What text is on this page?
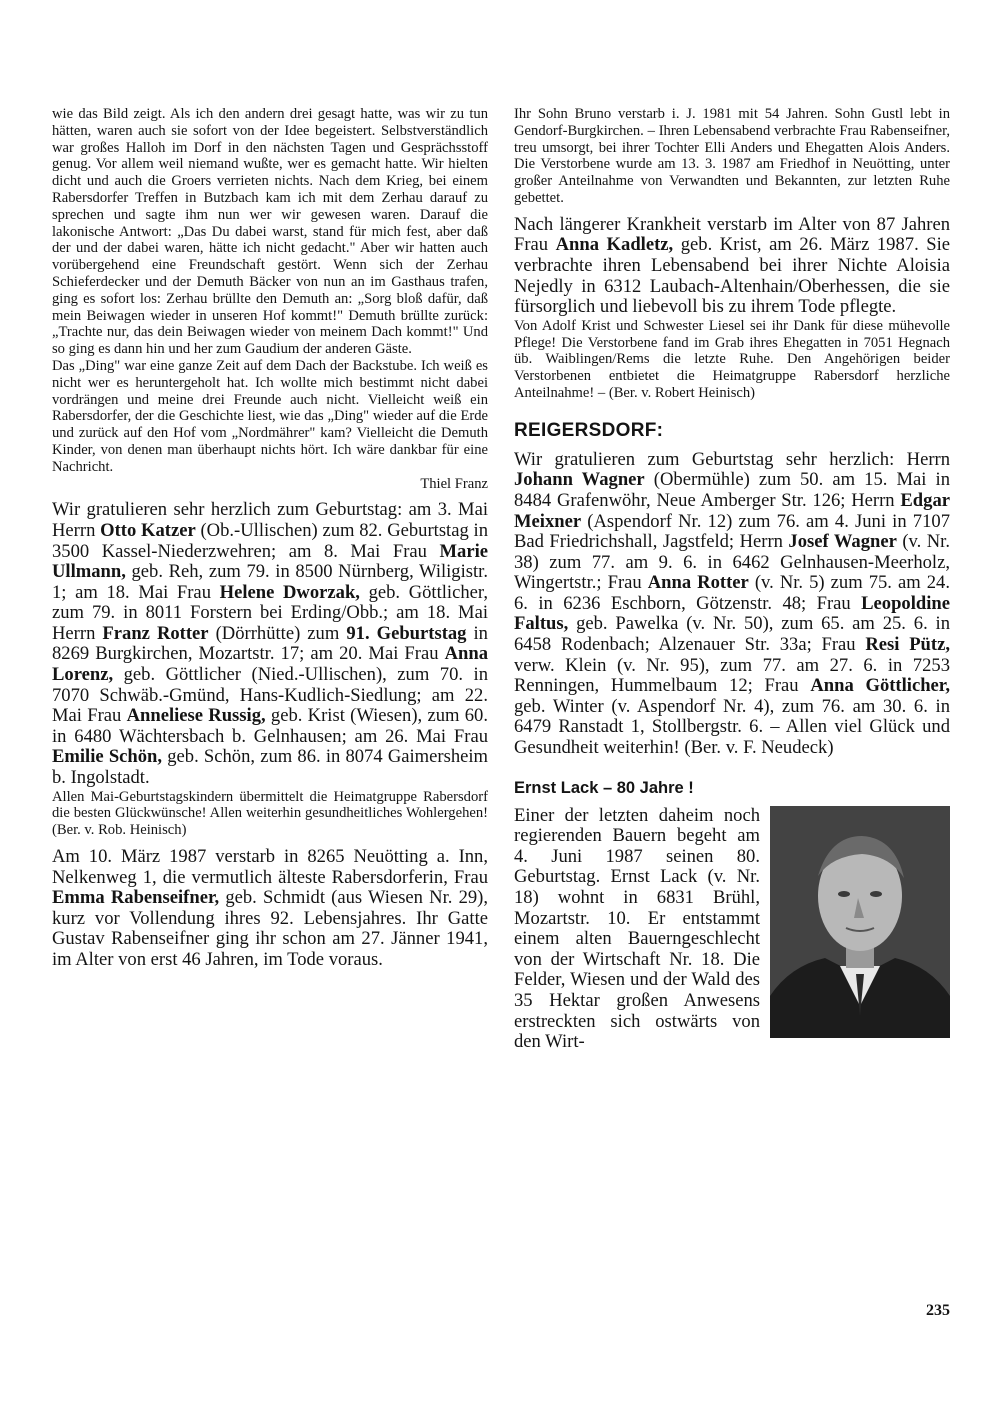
wie das Bild zeigt. Als ich den andern drei gesagt hatte, was wir zu tun hätten, waren auch sie sofort von der Idee begeistert. Selbstverständlich war großes Halloh im Dorf in den nächsten Tagen und Gesprächsstoff genug. Vor allem weil niemand wußte, wer es gemacht hatte. Wir hielten dicht und auch die Groers verrieten nichts. Nach dem Krieg, bei einem Rabersdorfer Treffen in Butzbach kam ich mit dem Zerhau darauf zu sprechen und sagte ihm nun wer wir gewesen waren. Darauf die lakonische Antwort: „Das Du dabei warst, stand für mich fest, aber daß der und der dabei waren, hätte ich nicht gedacht." Aber wir hatten auch vorübergehend eine Freundschaft gestört. Wenn sich der Zerhau Schieferdecker und der Demuth Bäcker von nun an im Gasthaus trafen, ging es sofort los: Zerhau brüllte den Demuth an: „Sorg bloß dafür, daß mein Beiwagen wieder in unseren Hof kommt!" Demuth brüllte zurück: „Trachte nur, das dein Beiwagen wieder von meinem Dach kommt!" Und so ging es dann hin und her zum Gaudium der anderen Gäste.

Das „Ding" war eine ganze Zeit auf dem Dach der Backstube. Ich weiß es nicht wer es heruntergeholt hat. Ich wollte mich bestimmt nicht dabei vordrängen und meine drei Freunde auch nicht. Vielleicht weiß ein Rabersdorfer, der die Geschichte liest, wie das „Ding" wieder auf die Erde und zurück auf den Hof vom „Nordmährer" kam? Vielleicht die Demuth Kinder, von denen man überhaupt nichts hört. Ich wäre dankbar für eine Nachricht.

Thiel Franz

Wir gratulieren sehr herzlich zum Geburtstag: am 3. Mai Herrn Otto Katzer (Ob.-Ullischen) zum 82. Geburtstag in 3500 Kassel-Niederzwehren; am 8. Mai Frau Marie Ullmann, geb. Reh, zum 79. in 8500 Nürnberg, Wiligistr. 1; am 18. Mai Frau Helene Dworzak, geb. Göttlicher, zum 79. in 8011 Forstern bei Erding/Obb.; am 18. Mai Herrn Franz Rotter (Dörrhütte) zum 91. Geburtstag in 8269 Burgkirchen, Mozartstr. 17; am 20. Mai Frau Anna Lorenz, geb. Göttlicher (Nied.-Ullischen), zum 70. in 7070 Schwäb.-Gmünd, Hans-Kudlich-Siedlung; am 22. Mai Frau Anneliese Russig, geb. Krist (Wiesen), zum 60. in 6480 Wächtersbach b. Gelnhausen; am 26. Mai Frau Emilie Schön, geb. Schön, zum 86. in 8074 Gaimersheim b. Ingolstadt.

Allen Mai-Geburtstagskindern übermittelt die Heimatgruppe Rabersdorf die besten Glückwünsche! Allen weiterhin gesundheitliches Wohlergehen! (Ber. v. Rob. Heinisch)

Am 10. März 1987 verstarb in 8265 Neuötting a. Inn, Nelkenweg 1, die vermutlich älteste Rabersdorferin, Frau Emma Rabenseifner, geb. Schmidt (aus Wiesen Nr. 29), kurz vor Vollendung ihres 92. Lebensjahres. Ihr Gatte Gustav Rabenseifner ging ihr schon am 27. Jänner 1941, im Alter von erst 46 Jahren, im Tode voraus.

Ihr Sohn Bruno verstarb i. J. 1981 mit 54 Jahren. Sohn Gustl lebt in Gendorf-Burgkirchen. – Ihren Lebensabend verbrachte Frau Rabenseifner, treu umsorgt, bei ihrer Tochter Elli Anders und Ehegatten Alois Anders. Die Verstorbene wurde am 13. 3. 1987 am Friedhof in Neuötting, unter großer Anteilnahme von Verwandten und Bekannten, zur letzten Ruhe gebettet.

Nach längerer Krankheit verstarb im Alter von 87 Jahren Frau Anna Kadletz, geb. Krist, am 26. März 1987. Sie verbrachte ihren Lebensabend bei ihrer Nichte Aloisia Nejedly in 6312 Laubach-Altenhain/Oberhessen, die sie fürsorglich und liebevoll bis zu ihrem Tode pflegte.

Von Adolf Krist und Schwester Liesel sei ihr Dank für diese mühevolle Pflege! Die Verstorbene fand im Grab ihres Ehegatten in 7051 Hegnach üb. Waiblingen/Rems die letzte Ruhe. Den Angehörigen beider Verstorbenen entbietet die Heimatgruppe Rabersdorf herzliche Anteilnahme! – (Ber. v. Robert Heinisch)

REIGERSDORF:

Wir gratulieren zum Geburtstag sehr herzlich: Herrn Johann Wagner (Obermühle) zum 50. am 15. Mai in 8484 Grafenwöhr, Neue Amberger Str. 126; Herrn Edgar Meixner (Aspendorf Nr. 12) zum 76. am 4. Juni in 7107 Bad Friedrichshall, Jagstfeld; Herrn Josef Wagner (v. Nr. 38) zum 77. am 9. 6. in 6462 Gelnhausen-Meerholz, Wingertstr.; Frau Anna Rotter (v. Nr. 5) zum 75. am 24. 6. in 6236 Eschborn, Götzenstr. 48; Frau Leopoldine Faltus, geb. Pawelka (v. Nr. 50), zum 65. am 25. 6. in 6458 Rodenbach; Alzenauer Str. 33a; Frau Resi Pütz, verw. Klein (v. Nr. 95), zum 77. am 27. 6. in 7253 Renningen, Hummelbaum 12; Frau Anna Göttlicher, geb. Winter (v. Aspendorf Nr. 4), zum 76. am 30. 6. in 6479 Ranstadt 1, Stollbergstr. 6. – Allen viel Glück und Gesundheit weiterhin! (Ber. v. F. Neudeck)

Ernst Lack – 80 Jahre !

Einer der letzten daheim noch regierenden Bauern begeht am 4. Juni 1987 seinen 80. Geburtstag. Ernst Lack (v. Nr. 18) wohnt in 6831 Brühl, Mozartstr. 10. Er entstammt einem alten Bauerngeschlecht von der Wirtschaft Nr. 18. Die Felder, Wiesen und der Wald des 35 Hektar großen Anwesens erstreckten sich ostwärts von den Wirt-

235
